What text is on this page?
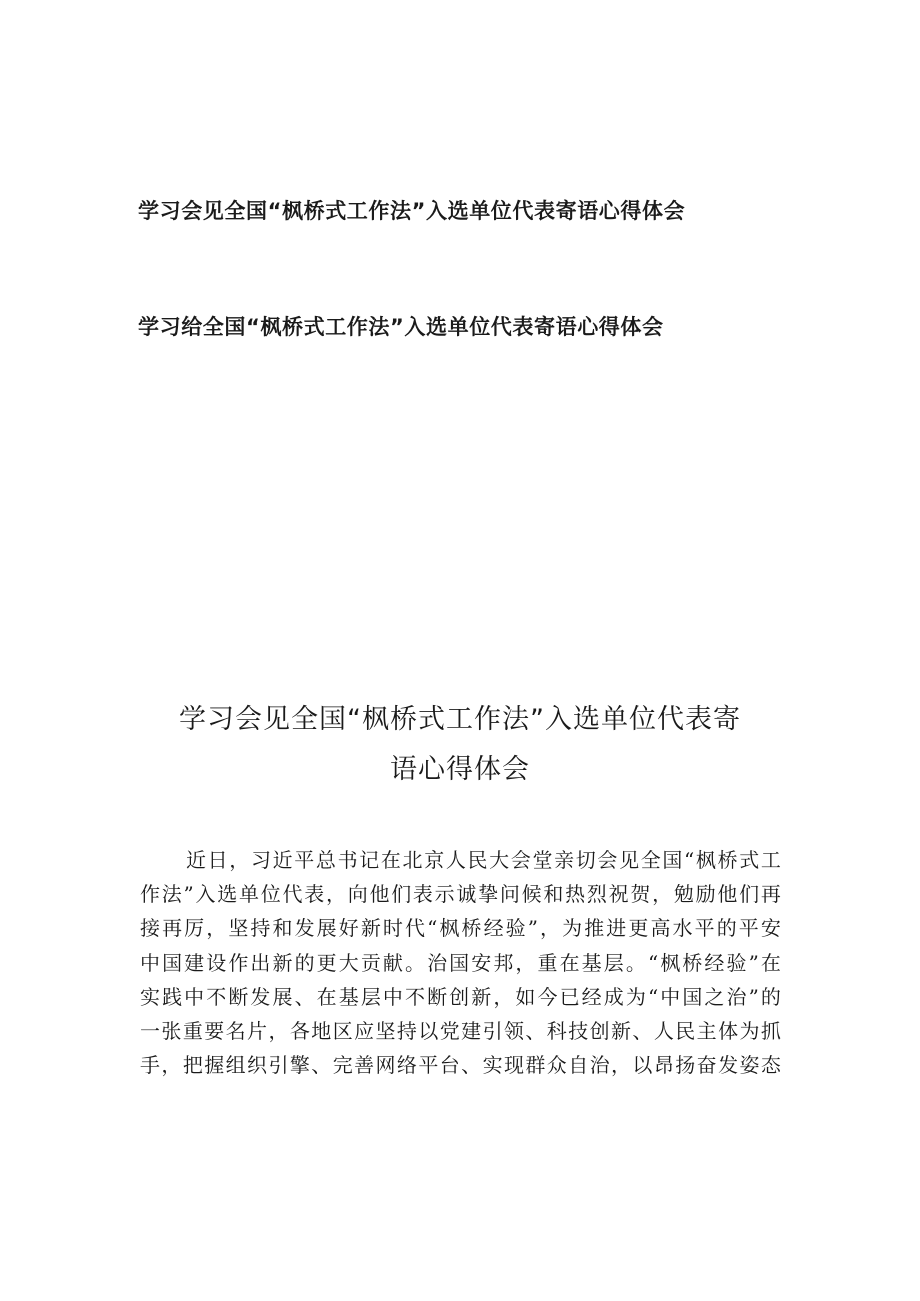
学习会见全国“枫桥式工作法”入选单位代表寄语心得体会
学习给全国“枫桥式工作法”入选单位代表寄语心得体会
学习会见全国“枫桥式工作法”入选单位代表寄
语心得体会
近日，习近平总书记在北京人民大会堂亲切会见全国“枫桥式工
作法”入选单位代表，向他们表示诚挚问候和热烈祝贺，勉励他们再
接再厉，坚持和发展好新时代“枫桥经验”，为推进更高水平的平安
中国建设作出新的更大贡献。治国安邦，重在基层。“枫桥经验”在
实践中不断发展、在基层中不断创新，如今已经成为“中国之治”的
一张重要名片，各地区应坚持以党建引领、科技创新、人民主体为抓
手，把握组织引擎、完善网络平台、实现群众自治，以昂扬奋发姿态
